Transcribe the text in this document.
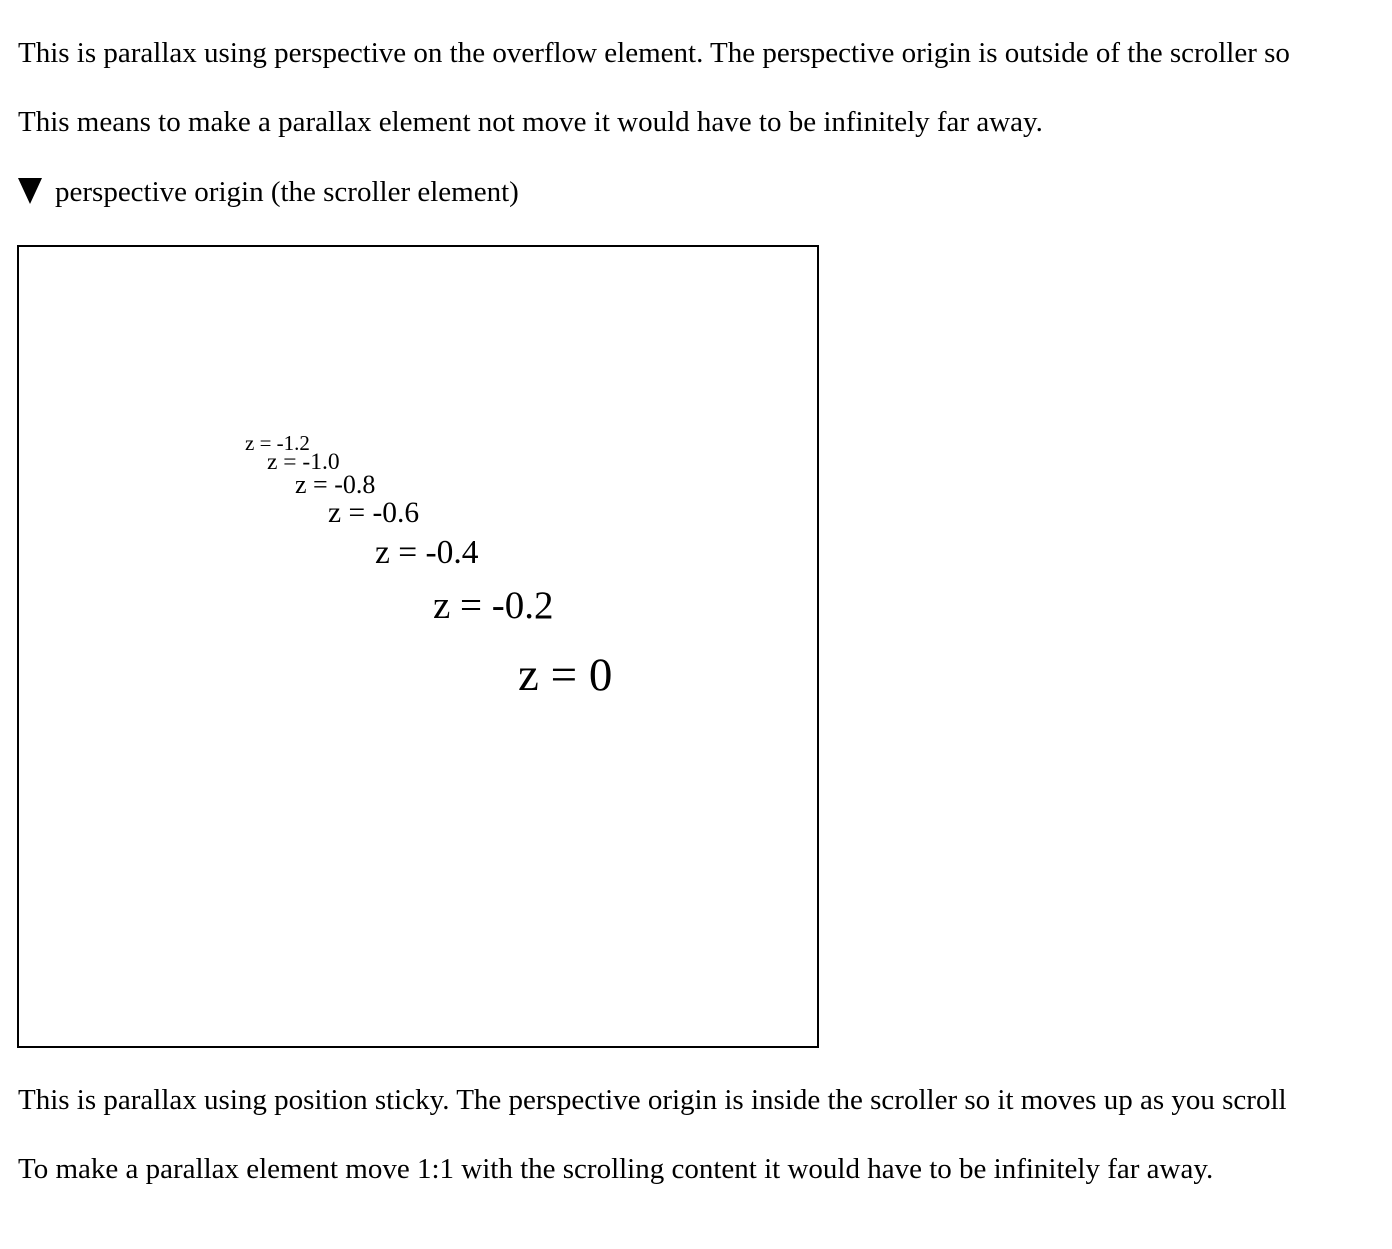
This is parallax using perspective on the overflow element. The perspective origin is outside of the scroller so

This means to make a parallax element not move it would have to be infinitely far away.

perspective origin (the scroller element)

z = -1.2
z = -1.0
z = -0.8
z = -0.6
z = -0.4
z = -0.2
z = 0

This is parallax using position sticky. The perspective origin is inside the scroller so it moves up as you scroll

To make a parallax element move 1:1 with the scrolling content it would have to be infinitely far away.
